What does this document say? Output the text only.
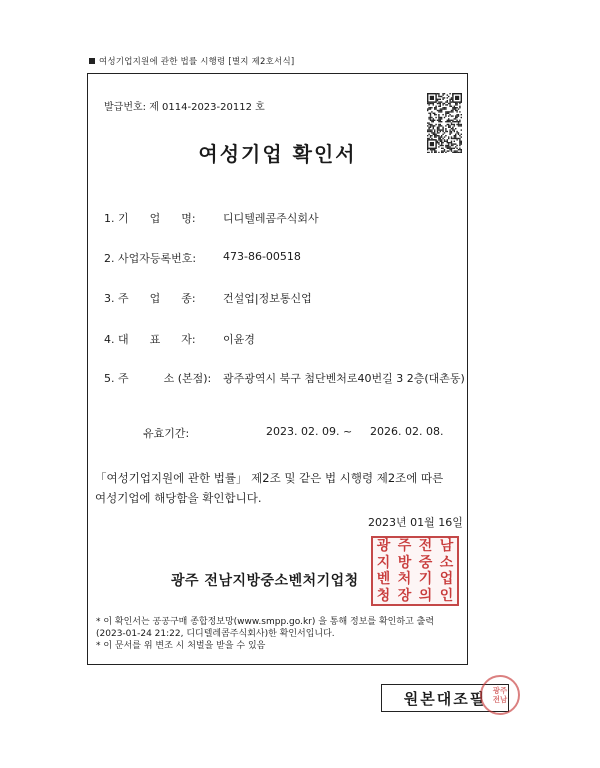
여성기업지원에 관한 법률 시행령 [별지 제2호서식]
발급번호: 제 0114-2023-20112 호
여성기업 확인서
1. 기      업      명: 디디텔레콤주식회사
2. 사업자등록번호: 473-86-00518
3. 주      업      종: 건설업|정보통신업
4. 대      표      자: 이윤경
5. 주          소 (본점): 광주광역시 북구 첨단벤처로40번길 3 2층(대촌동)
유효기간:	2023. 02. 09. ~ 2026. 02. 08.
「여성기업지원에 관한 법률」 제2조 및 같은 법 시행령 제2조에 따른
여성기업에 해당함을 확인합니다.
2023년 01월 16일
광주 전남지방중소벤처기업청
광 주 전 남
지 방 중 소
벤 처 기 업
청 장 의 인
* 이 확인서는 공공구매 종합정보망(www.smpp.go.kr) 을 통해 정보를 확인하고 출력
(2023-01-24 21:22, 디디텔레콤주식회사)한 확인서입니다.
* 이 문서를 위 변조 시 처벌을 받을 수 있음
원본대조필 광주
전남
